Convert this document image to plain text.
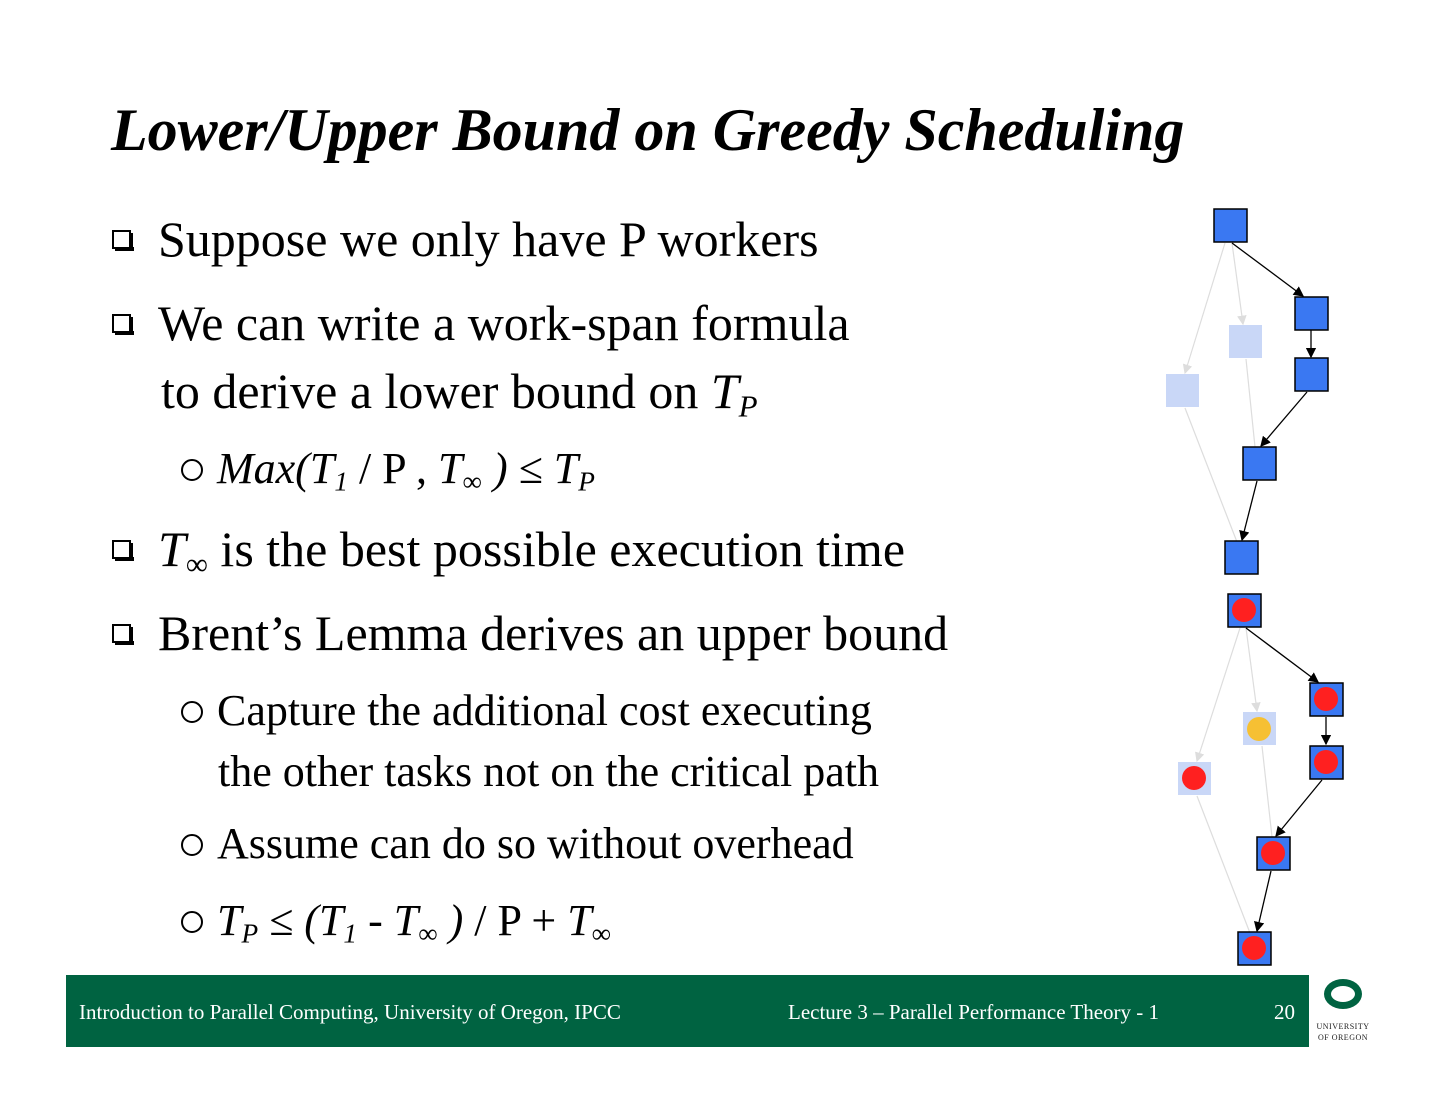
Lower/Upper Bound on Greedy Scheduling
Suppose we only have P workers
We can write a work-span formula
to derive a lower bound on TP
Max(T1 / P , T∞ ) ≤ TP
T∞ is the best possible execution time
Brent’s Lemma derives an upper bound
Capture the additional cost executing
the other tasks not on the critical path
Assume can do so without overhead
TP ≤ (T1 - T∞ ) / P + T∞
Introduction to Parallel Computing, University of Oregon, IPCC	Lecture 3 – Parallel Performance Theory - 1	20
UNIVERSITY
OF OREGON
